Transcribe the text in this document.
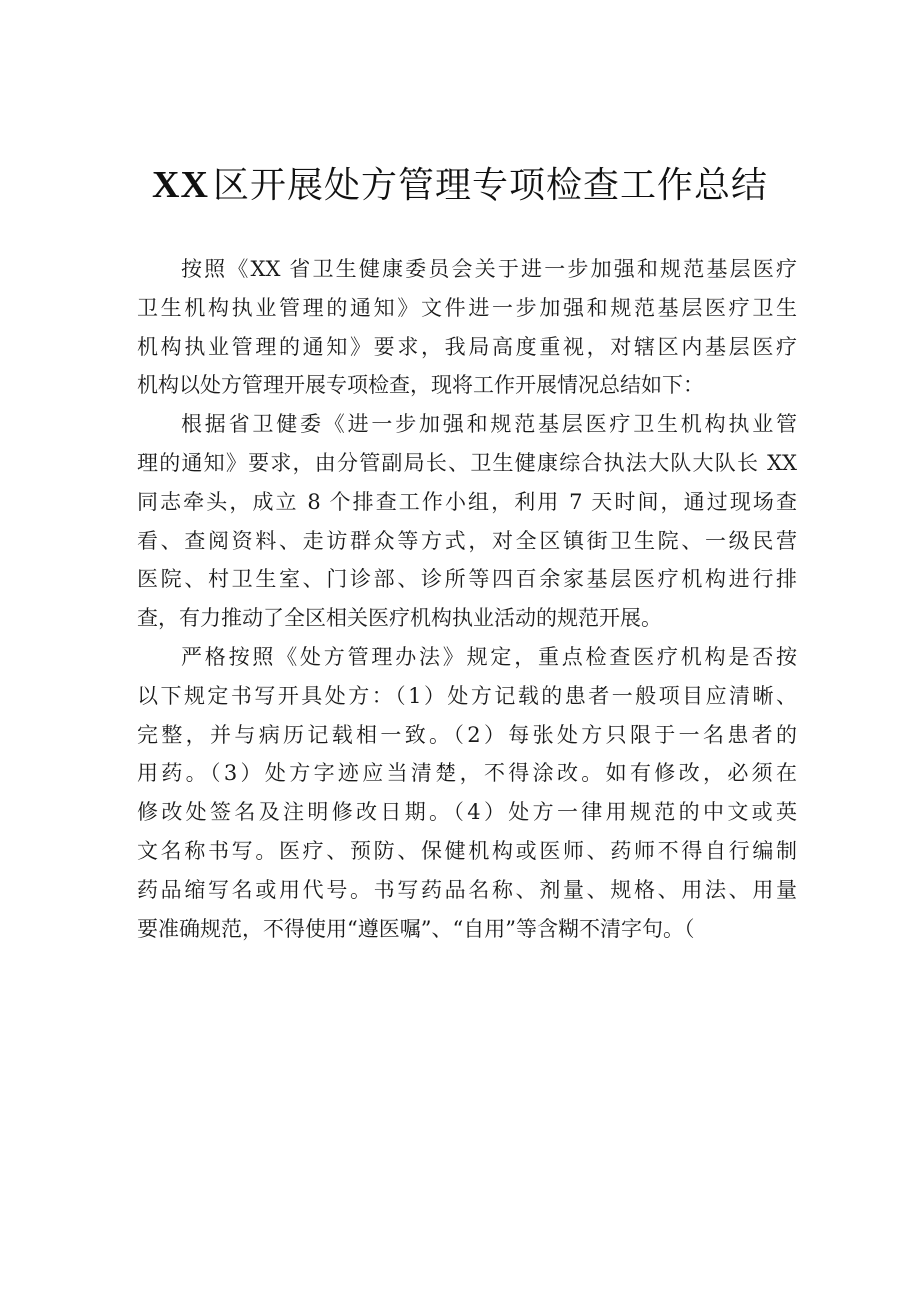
XX 区开展处方管理专项检查工作总结

按照《XX 省卫生健康委员会关于进一步加强和规范基层医疗

卫生机构执业管理的通知》文件进一步加强和规范基层医疗卫生

机构执业管理的通知》要求，我局高度重视，对辖区内基层医疗

机构以处方管理开展专项检查，现将工作开展情况总结如下：

根据省卫健委《进一步加强和规范基层医疗卫生机构执业管

理的通知》要求，由分管副局长、卫生健康综合执法大队大队长 XX

同志牵头，成立 8 个排查工作小组，利用 7 天时间，通过现场查

看、查阅资料、走访群众等方式，对全区镇街卫生院、一级民营

医院、村卫生室、门诊部、诊所等四百余家基层医疗机构进行排

查，有力推动了全区相关医疗机构执业活动的规范开展。

严格按照《处方管理办法》规定，重点检查医疗机构是否按

以下规定书写开具处方：（1）处方记载的患者一般项目应清晰、

完整，并与病历记载相一致。（2）每张处方只限于一名患者的

用药。（3）处方字迹应当清楚，不得涂改。如有修改，必须在

修改处签名及注明修改日期。（4）处方一律用规范的中文或英

文名称书写。医疗、预防、保健机构或医师、药师不得自行编制

药品缩写名或用代号。书写药品名称、剂量、规格、用法、用量

要准确规范，不得使用“遵医嘱”、“自用”等含糊不清字句。（
